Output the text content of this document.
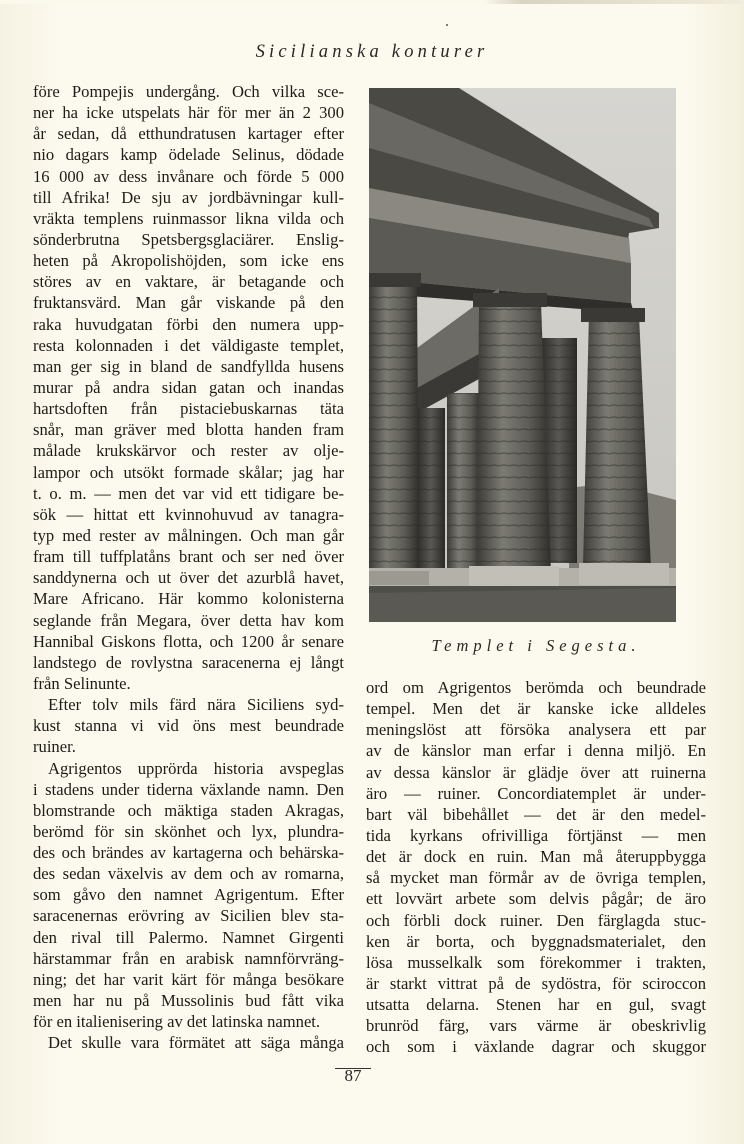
Sicilianska konturer
före Pompejis undergång. Och vilka sce-
ner ha icke utspelats här för mer än 2 300
år sedan, då etthundratusen kartager efter
nio dagars kamp ödelade Selinus, dödade
16 000 av dess invånare och förde 5 000
till Afrika! De sju av jordbävningar kull-
vräkta templens ruinmassor likna vilda och
sönderbrutna Spetsbergsglaciärer. Enslig-
heten på Akropolishöjden, som icke ens
störes av en vaktare, är betagande och
fruktansvärd. Man går viskande på den
raka huvudgatan förbi den numera upp-
resta kolonnaden i det väldigaste templet,
man ger sig in bland de sandfyllda husens
murar på andra sidan gatan och inandas
hartsdoften från pistaciebuskarnas täta
snår, man gräver med blotta handen fram
målade krukskärvor och rester av olje-
lampor och utsökt formade skålar; jag har
t. o. m. — men det var vid ett tidigare be-
sök — hittat ett kvinnohuvud av tanagra-
typ med rester av målningen. Och man går
fram till tuffplatåns brant och ser ned över
sanddynerna och ut över det azurblå havet,
Mare Africano. Här kommo kolonisterna
seglande från Megara, över detta hav kom
Hannibal Giskons flotta, och 1200 år senare
landstego de rovlystna saracenerna ej långt
från Selinunte.
Efter tolv mils färd nära Siciliens syd-
kust stanna vi vid öns mest beundrade
ruiner.
Agrigentos upprörda historia avspeglas
i stadens under tiderna växlande namn. Den
blomstrande och mäktiga staden Akragas,
berömd för sin skönhet och lyx, plundra-
des och brändes av kartagerna och behärska-
des sedan växelvis av dem och av romarna,
som gåvo den namnet Agrigentum. Efter
saracenernas erövring av Sicilien blev sta-
den rival till Palermo. Namnet Girgenti
härstammar från en arabisk namnförvräng-
ning; det har varit kärt för många besökare
men har nu på Mussolinis bud fått vika
för en italienisering av det latinska namnet.
Det skulle vara förmätet att säga många
Templet i Segesta.
ord om Agrigentos berömda och beundrade
tempel. Men det är kanske icke alldeles
meningslöst att försöka analysera ett par
av de känslor man erfar i denna miljö. En
av dessa känslor är glädje över att ruinerna
äro — ruiner. Concordiatemplet är under-
bart väl bibehållet — det är den medel-
tida kyrkans ofrivilliga förtjänst — men
det är dock en ruin. Man må återuppbygga
så mycket man förmår av de övriga templen,
ett lovvärt arbete som delvis pågår; de äro
och förbli dock ruiner. Den färglagda stuc-
ken är borta, och byggnadsmaterialet, den
lösa musselkalk som förekommer i trakten,
är starkt vittrat på de sydöstra, för sciroccon
utsatta delarna. Stenen har en gul, svagt
brunröd färg, vars värme är obeskrivlig
och som i växlande dagrar och skuggor
87
